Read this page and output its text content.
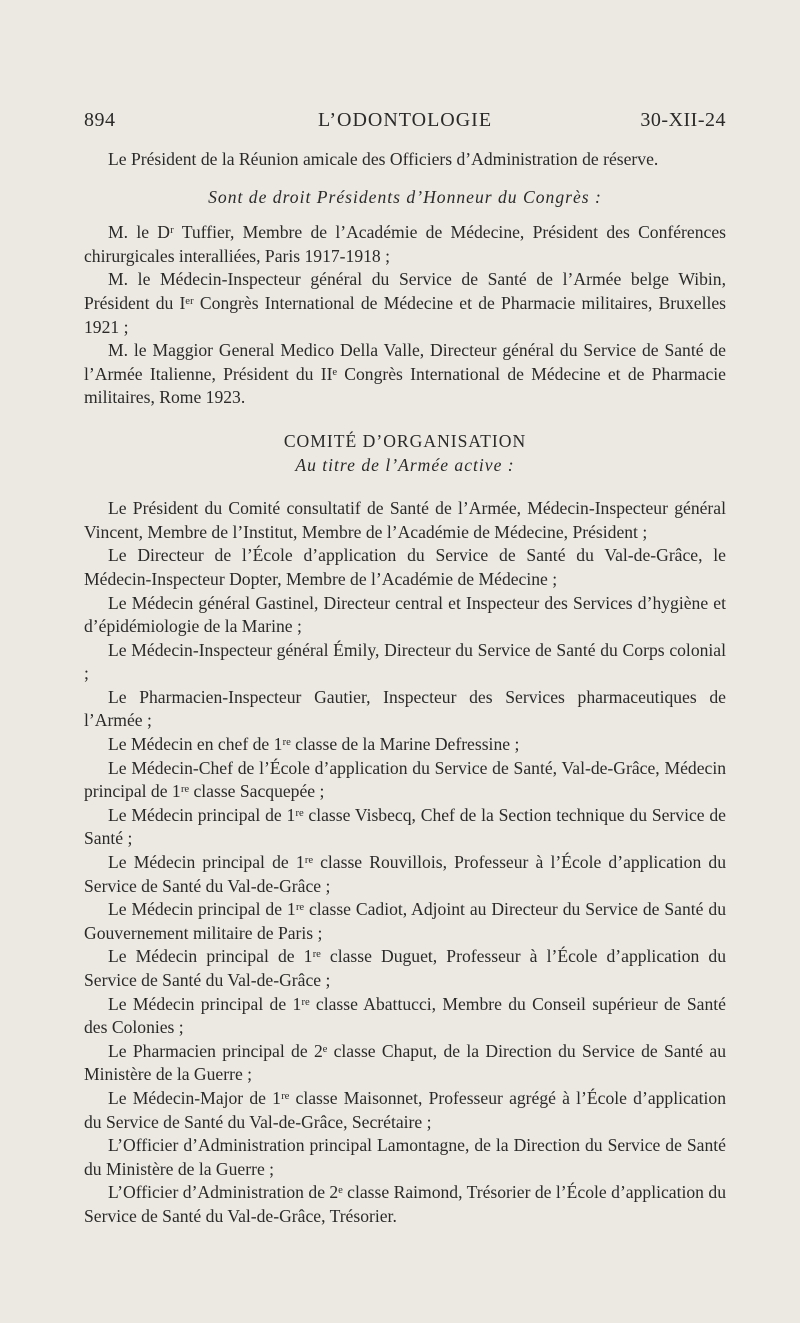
894	L’ODONTOLOGIE	30-XII-24

Le Président de la Réunion amicale des Officiers d’Administration de réserve.

Sont de droit Présidents d’Honneur du Congrès :

M. le Dʳ Tuffier, Membre de l’Académie de Médecine, Président des Conférences chirurgicales interalliées, Paris 1917-1918 ;

M. le Médecin-Inspecteur général du Service de Santé de l’Armée belge Wibin, Président du Iᵉʳ Congrès International de Médecine et de Pharmacie militaires, Bruxelles 1921 ;

M. le Maggior General Medico Della Valle, Directeur général du Service de Santé de l’Armée Italienne, Président du IIᵉ Congrès International de Médecine et de Pharmacie militaires, Rome 1923.

COMITÉ D’ORGANISATION

Au titre de l’Armée active :

Le Président du Comité consultatif de Santé de l’Armée, Médecin-Inspecteur général Vincent, Membre de l’Institut, Membre de l’Académie de Médecine, Président ;

Le Directeur de l’École d’application du Service de Santé du Val-de-Grâce, le Médecin-Inspecteur Dopter, Membre de l’Académie de Médecine ;

Le Médecin général Gastinel, Directeur central et Inspecteur des Services d’hygiène et d’épidémiologie de la Marine ;

Le Médecin-Inspecteur général Émily, Directeur du Service de Santé du Corps colonial ;

Le Pharmacien-Inspecteur Gautier, Inspecteur des Services pharmaceutiques de l’Armée ;

Le Médecin en chef de 1ʳᵉ classe de la Marine Defressine ;

Le Médecin-Chef de l’École d’application du Service de Santé, Val-de-Grâce, Médecin principal de 1ʳᵉ classe Sacquepée ;

Le Médecin principal de 1ʳᵉ classe Visbecq, Chef de la Section technique du Service de Santé ;

Le Médecin principal de 1ʳᵉ classe Rouvillois, Professeur à l’École d’application du Service de Santé du Val-de-Grâce ;

Le Médecin principal de 1ʳᵉ classe Cadiot, Adjoint au Directeur du Service de Santé du Gouvernement militaire de Paris ;

Le Médecin principal de 1ʳᵉ classe Duguet, Professeur à l’École d’application du Service de Santé du Val-de-Grâce ;

Le Médecin principal de 1ʳᵉ classe Abattucci, Membre du Conseil supérieur de Santé des Colonies ;

Le Pharmacien principal de 2ᵉ classe Chaput, de la Direction du Service de Santé au Ministère de la Guerre ;

Le Médecin-Major de 1ʳᵉ classe Maisonnet, Professeur agrégé à l’École d’application du Service de Santé du Val-de-Grâce, Secrétaire ;

L’Officier d’Administration principal Lamontagne, de la Direction du Service de Santé du Ministère de la Guerre ;

L’Officier d’Administration de 2ᵉ classe Raimond, Trésorier de l’École d’application du Service de Santé du Val-de-Grâce, Trésorier.
